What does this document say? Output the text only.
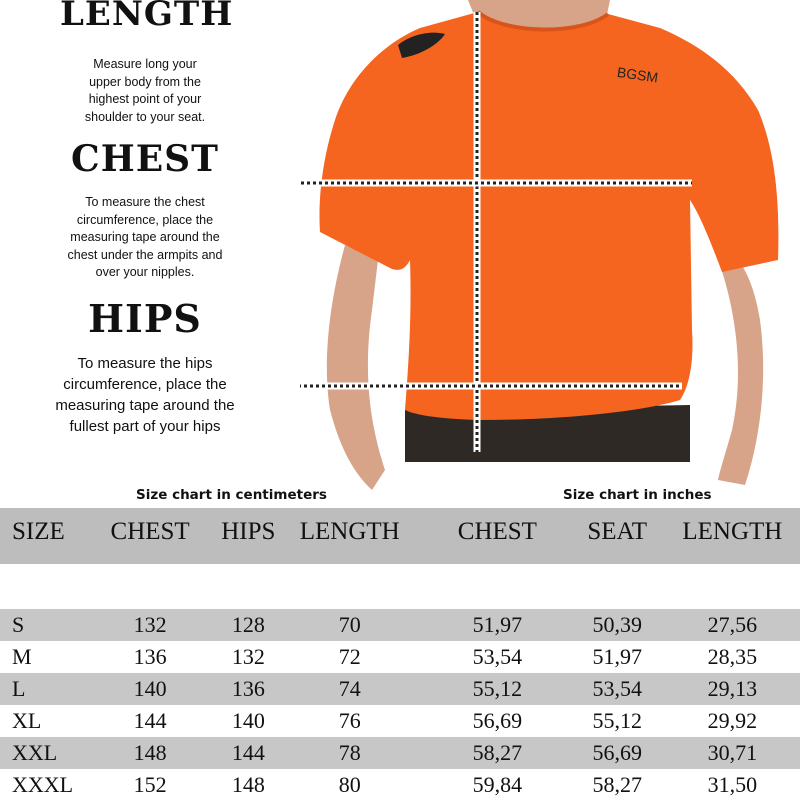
LENGTH
Measure long your
upper body from the
highest point of your
shoulder to your seat.
CHEST
To measure the chest
circumference, place the
measuring tape around the
chest under the armpits and
over your nipples.
HIPS
To measure the hips
circumference, place the
measuring tape around the
fullest part of your hips
BGSM
Size chart in centimeters	Size chart in inches
SIZE	CHEST	HIPS	LENGTH		CHEST	SEAT	LENGTH

S	132	128	70		51,97	50,39	27,56
M	136	132	72		53,54	51,97	28,35
L	140	136	74		55,12	53,54	29,13
XL	144	140	76		56,69	55,12	29,92
XXL	148	144	78		58,27	56,69	30,71
XXXL	152	148	80		59,84	58,27	31,50
